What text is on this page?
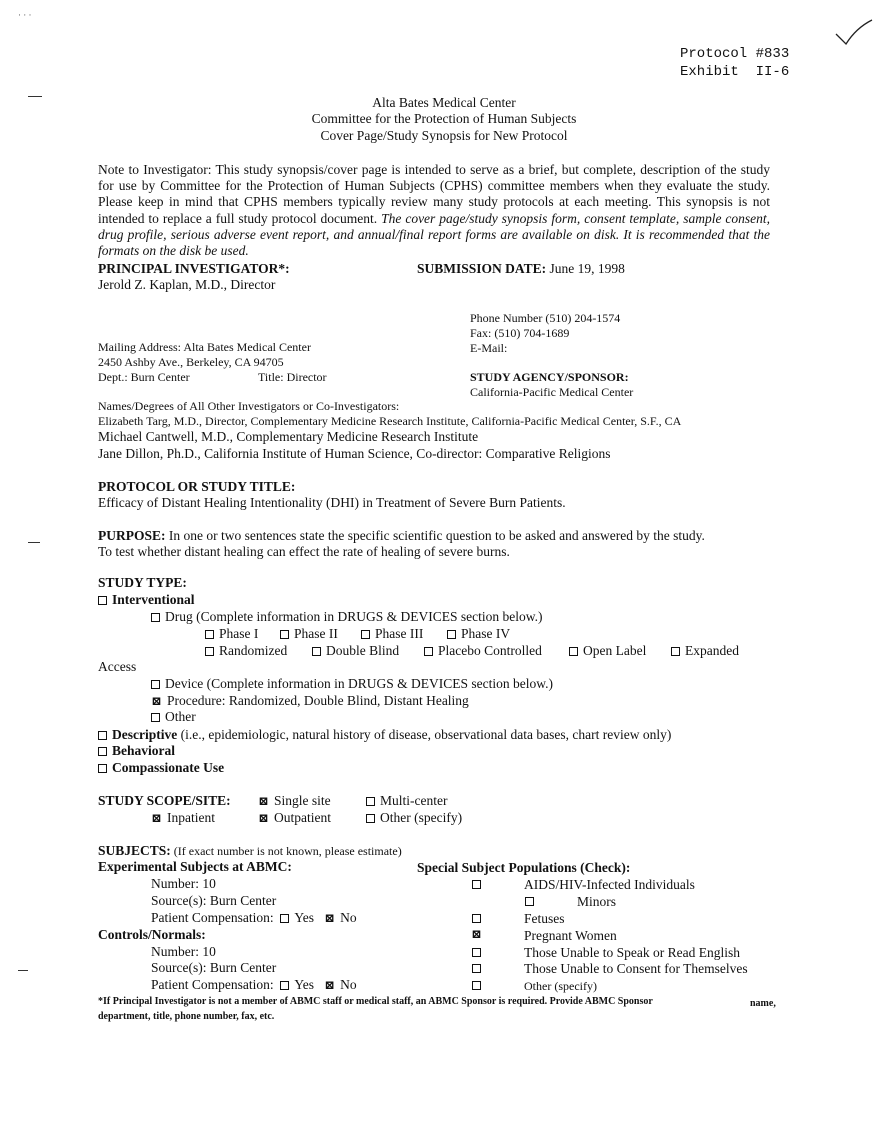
· · ·
Protocol #833
Exhibit  II-6
Alta Bates Medical Center
Committee for the Protection of Human Subjects
Cover Page/Study Synopsis for New Protocol
Note to Investigator: This study synopsis/cover page is intended to serve as a brief, but complete, description of the study for use by Committee for the Protection of Human Subjects (CPHS) committee members when they evaluate the study. Please keep in mind that CPHS members typically review many study protocols at each meeting. This synopsis is not intended to replace a full study protocol document. The cover page/study synopsis form, consent template, sample consent, drug profile, serious adverse event report, and annual/final report forms are available on disk. It is recommended that the formats on the disk be used.
PRINCIPAL INVESTIGATOR*:
Jerold Z. Kaplan, M.D., Director
SUBMISSION DATE: June 19, 1998
Phone Number (510) 204-1574
Fax: (510) 704-1689
E-Mail:
Mailing Address: Alta Bates Medical Center
2450 Ashby Ave., Berkeley, CA 94705
Dept.: Burn Center	Title: Director	STUDY AGENCY/SPONSOR:
California-Pacific Medical Center
Names/Degrees of All Other Investigators or Co-Investigators:
Elizabeth Targ, M.D., Director, Complementary Medicine Research Institute, California-Pacific Medical Center, S.F., CA
Michael Cantwell, M.D., Complementary Medicine Research Institute
Jane Dillon, Ph.D., California Institute of Human Science, Co-director: Comparative Religions
PROTOCOL OR STUDY TITLE:
Efficacy of Distant Healing Intentionality (DHI) in Treatment of Severe Burn Patients.
PURPOSE: In one or two sentences state the specific scientific question to be asked and answered by the study.
To test whether distant healing can effect the rate of healing of severe burns.
STUDY TYPE:
Interventional
Drug (Complete information in DRUGS & DEVICES section below.)
Phase I	Phase II	Phase III	Phase IV
Randomized	Double Blind	Placebo Controlled	Open Label	Expanded
Access
Device (Complete information in DRUGS & DEVICES section below.)
⊠ Procedure: Randomized, Double Blind, Distant Healing
Other
Descriptive (i.e., epidemiologic, natural history of disease, observational data bases, chart review only)
Behavioral
Compassionate Use
STUDY SCOPE/SITE: ⊠ Single site	Multi-center
⊠ Inpatient	⊠ Outpatient	Other (specify)
SUBJECTS: (If exact number is not known, please estimate)
Experimental Subjects at ABMC:	Special Subject Populations (Check):
Number: 10
Source(s): Burn Center
Patient Compensation: Yes ⊠ No
Controls/Normals:
Number: 10
Source(s): Burn Center
Patient Compensation: Yes ⊠ No
AIDS/HIV-Infected Individuals
Minors
Fetuses
⊠	Pregnant Women
Those Unable to Speak or Read English
Those Unable to Consent for Themselves
Other (specify)
*If Principal Investigator is not a member of ABMC staff or medical staff, an ABMC Sponsor is required. Provide ABMC Sponsor	name,
department, title, phone number, fax, etc.
